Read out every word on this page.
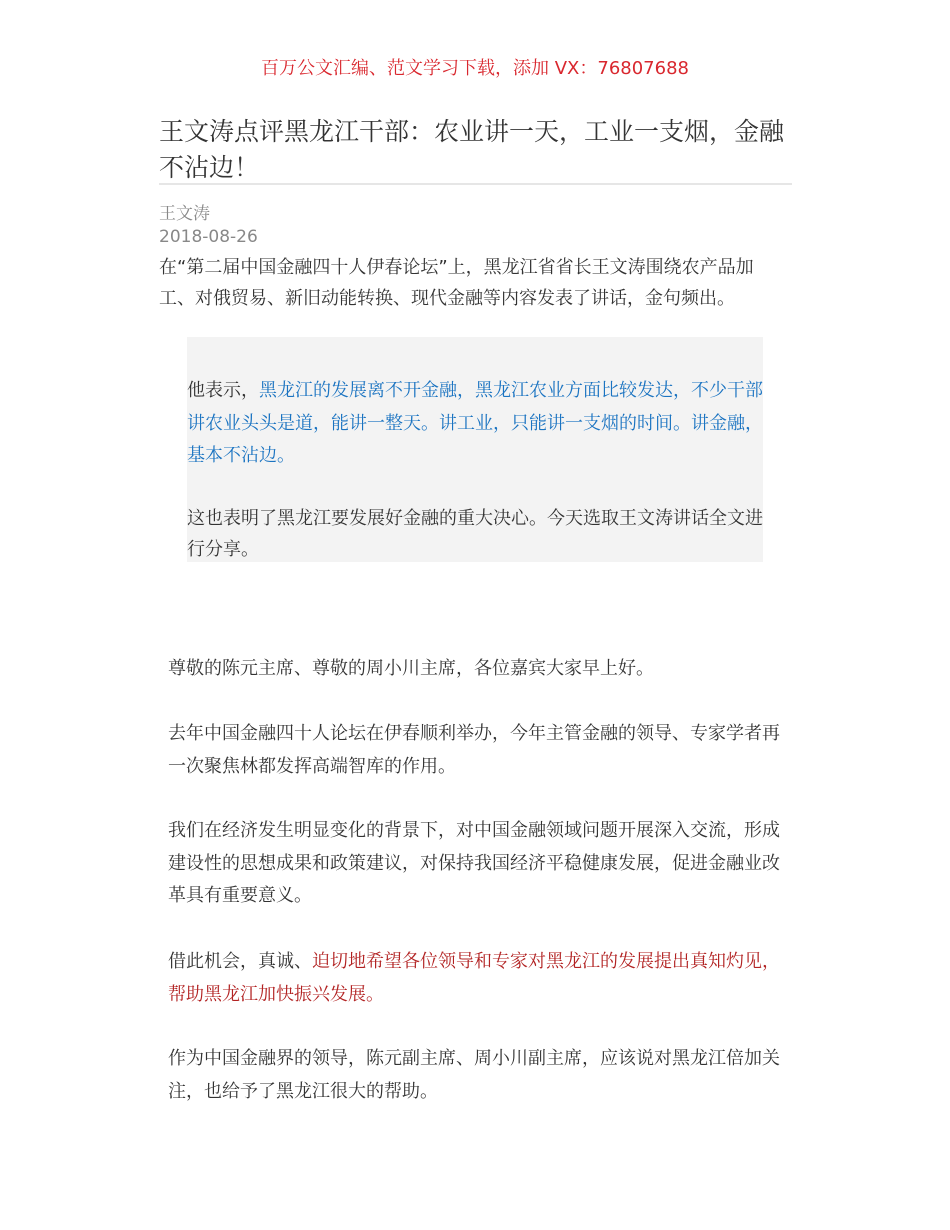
百万公文汇编、范文学习下载，添加 VX：76807688
王文涛点评黑龙江干部：农业讲一天，工业一支烟，金融不沾边！
王文涛
2018-08-26

在“第二届中国金融四十人伊春论坛”上，黑龙江省省长王文涛围绕农产品加工、对俄贸易、新旧动能转换、现代金融等内容发表了讲话，金句频出。

他表示，黑龙江的发展离不开金融，黑龙江农业方面比较发达，不少干部讲农业头头是道，能讲一整天。讲工业，只能讲一支烟的时间。讲金融，基本不沾边。

这也表明了黑龙江要发展好金融的重大决心。今天选取王文涛讲话全文进行分享。

尊敬的陈元主席、尊敬的周小川主席，各位嘉宾大家早上好。

去年中国金融四十人论坛在伊春顺利举办，今年主管金融的领导、专家学者再一次聚焦林都发挥高端智库的作用。

我们在经济发生明显变化的背景下，对中国金融领域问题开展深入交流，形成建设性的思想成果和政策建议，对保持我国经济平稳健康发展，促进金融业改革具有重要意义。

借此机会，真诚、迫切地希望各位领导和专家对黑龙江的发展提出真知灼见，帮助黑龙江加快振兴发展。

作为中国金融界的领导，陈元副主席、周小川副主席，应该说对黑龙江倍加关注，也给予了黑龙江很大的帮助。
